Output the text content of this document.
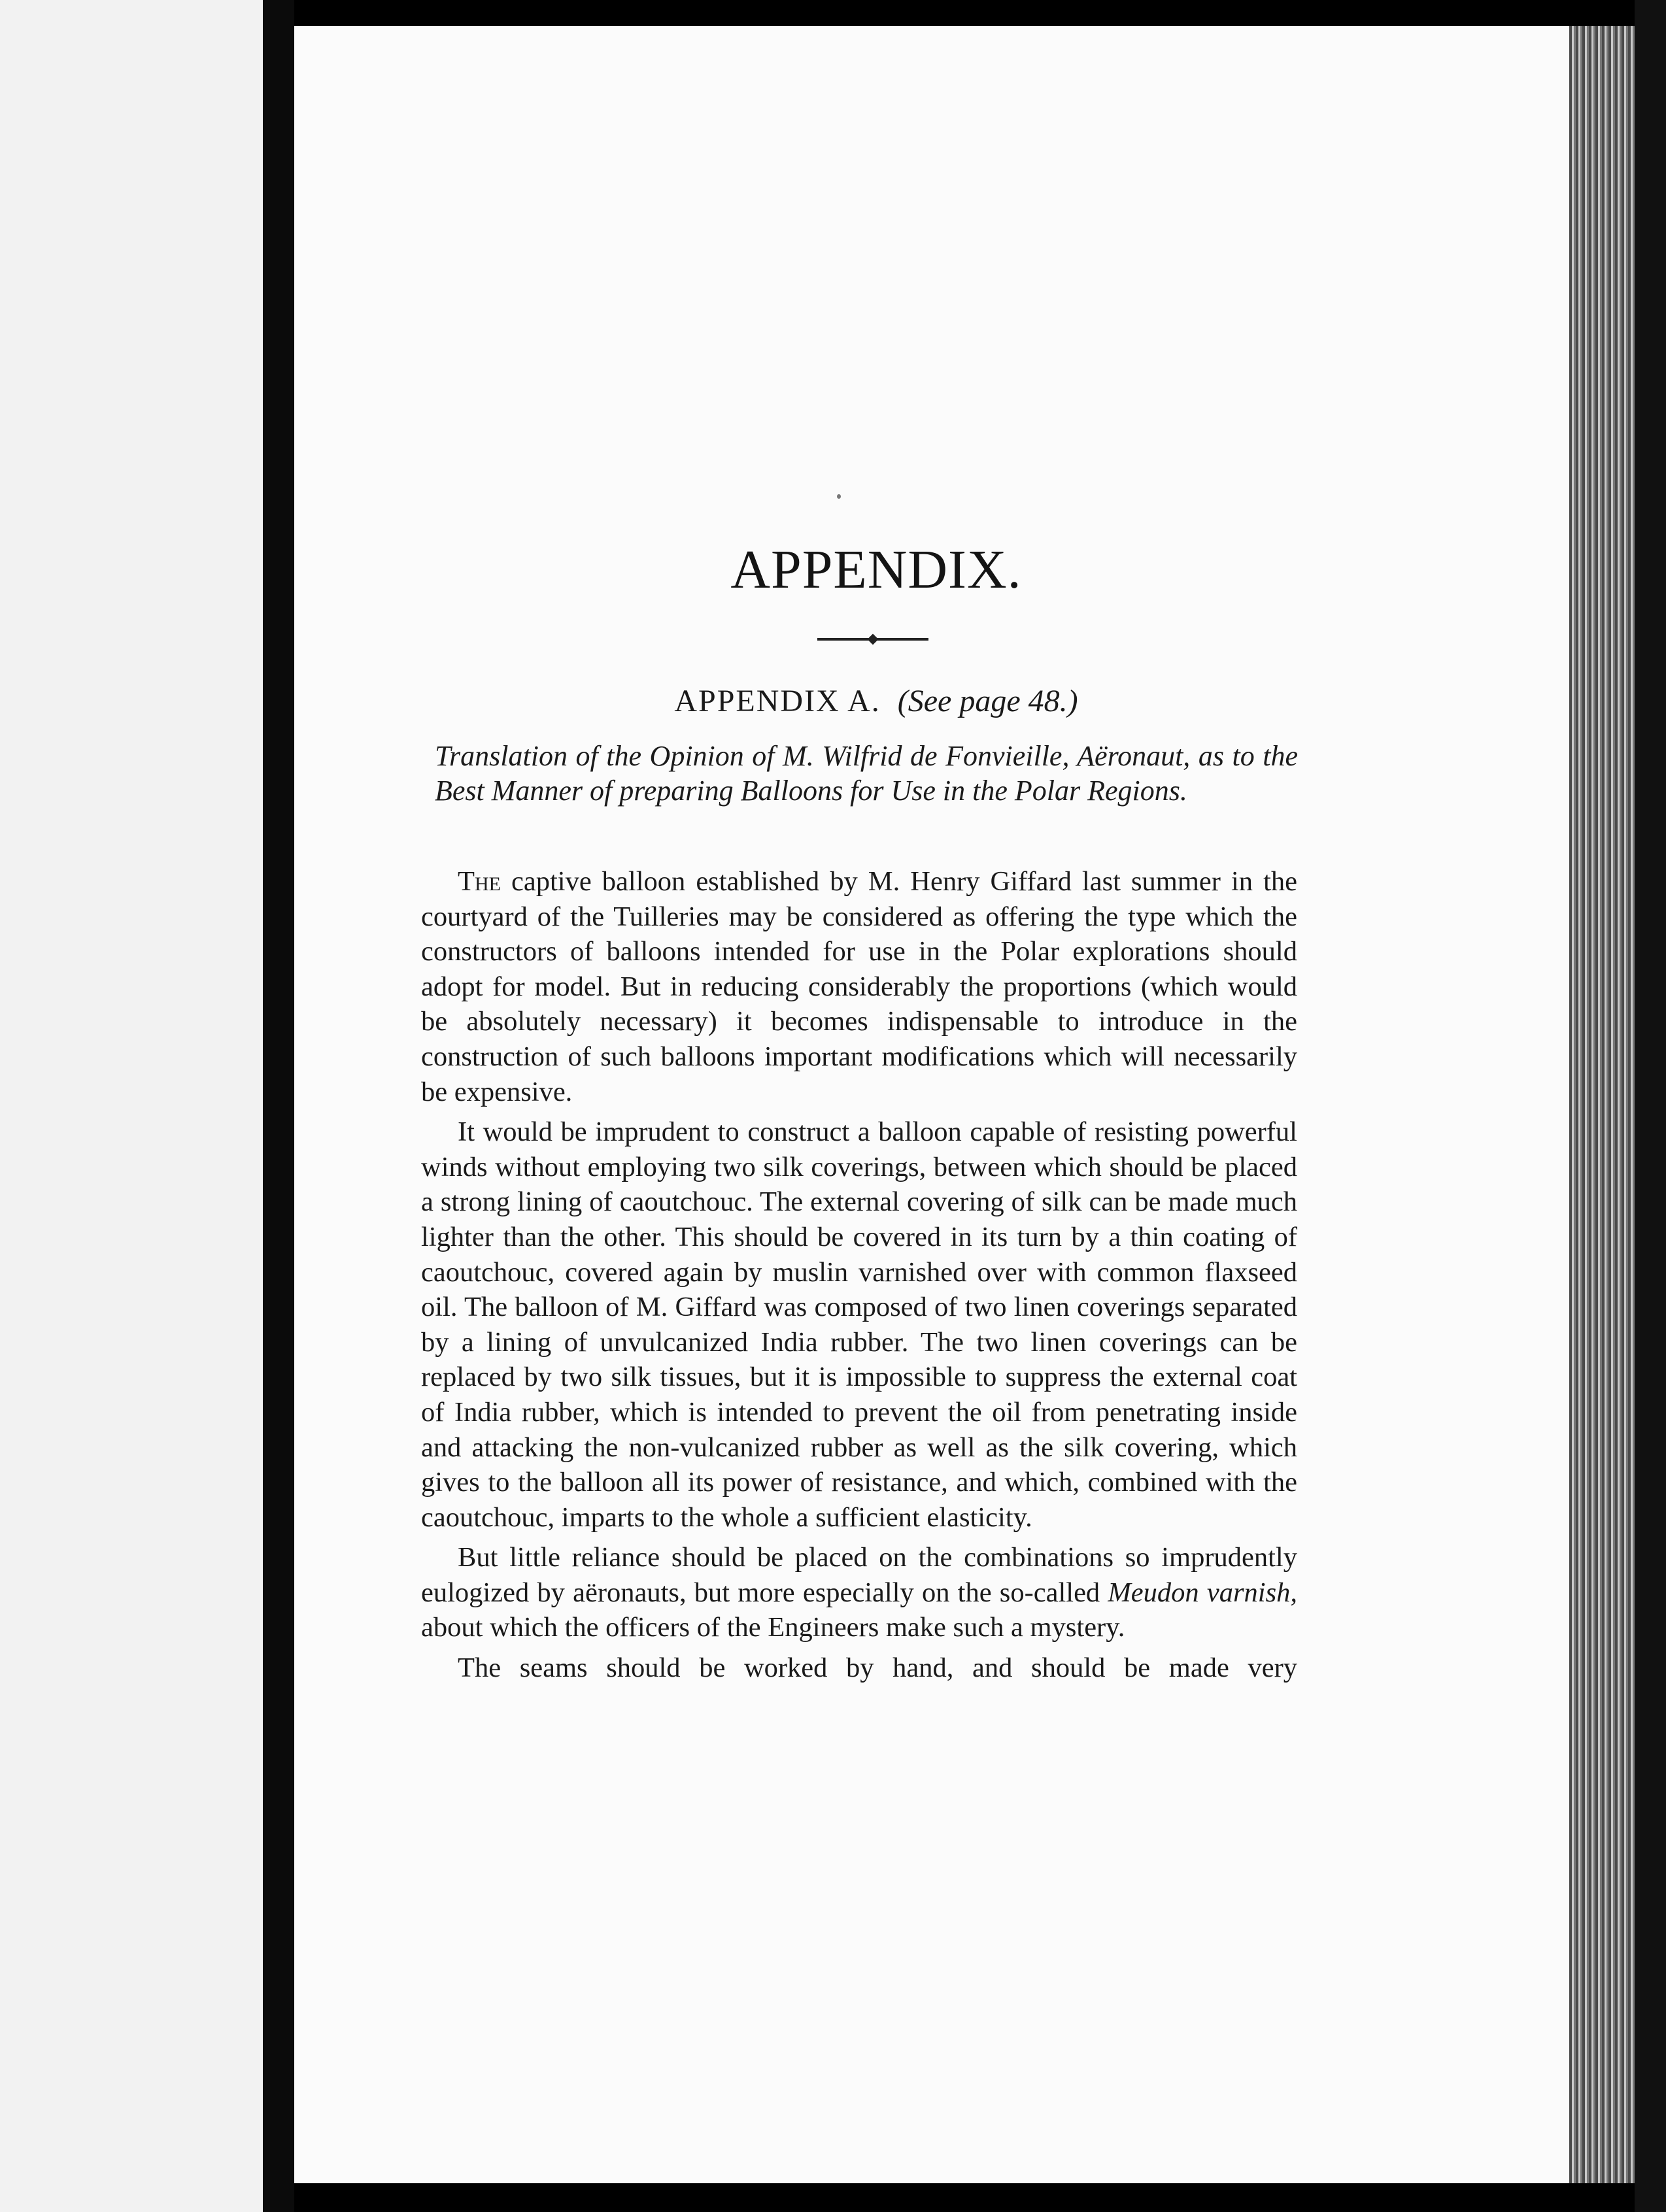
APPENDIX.
APPENDIX A. (See page 48.)
Translation of the Opinion of M. Wilfrid de Fonvieille, Aëronaut, as to the Best Manner of preparing Balloons for Use in the Polar Regions.

The captive balloon established by M. Henry Giffard last summer in the courtyard of the Tuilleries may be considered as offering the type which the constructors of balloons intended for use in the Polar explorations should adopt for model. But in reducing considerably the proportions (which would be absolutely necessary) it becomes indispensable to introduce in the construction of such balloons important modifications which will necessarily be expensive.

It would be imprudent to construct a balloon capable of resisting powerful winds without employing two silk coverings, between which should be placed a strong lining of caoutchouc. The external covering of silk can be made much lighter than the other. This should be covered in its turn by a thin coating of caoutchouc, covered again by muslin varnished over with common flaxseed oil. The balloon of M. Giffard was composed of two linen coverings separated by a lining of unvulcanized India rubber. The two linen coverings can be replaced by two silk tissues, but it is impossible to suppress the external coat of India rubber, which is intended to prevent the oil from penetrating inside and attacking the non-vulcanized rubber as well as the silk covering, which gives to the balloon all its power of resistance, and which, combined with the caoutchouc, imparts to the whole a sufficient elasticity.

But little reliance should be placed on the combinations so imprudently eulogized by aëronauts, but more especially on the so-called Meudon varnish, about which the officers of the Engineers make such a mystery.

The seams should be worked by hand, and should be made very
